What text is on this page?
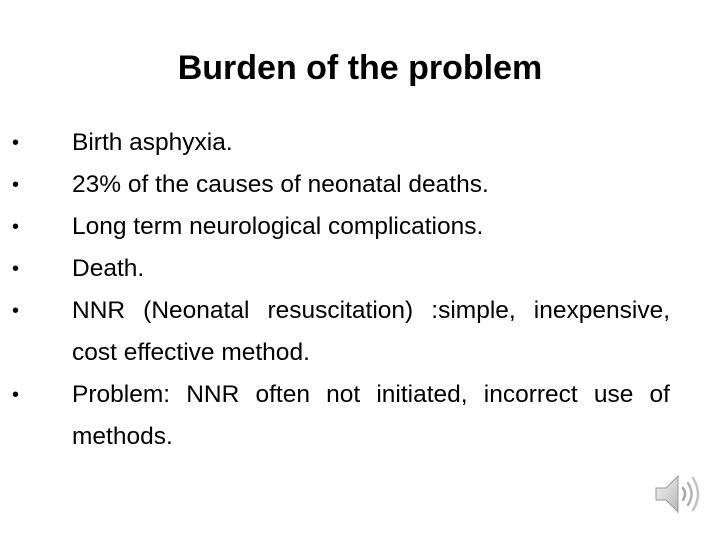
Burden of the problem
•	Birth asphyxia.
•	23% of the causes of neonatal deaths.
•	Long term neurological complications.
•	Death.
•	NNR (Neonatal resuscitation) :simple, inexpensive, cost effective method.
•	Problem: NNR often not initiated, incorrect use of methods.
